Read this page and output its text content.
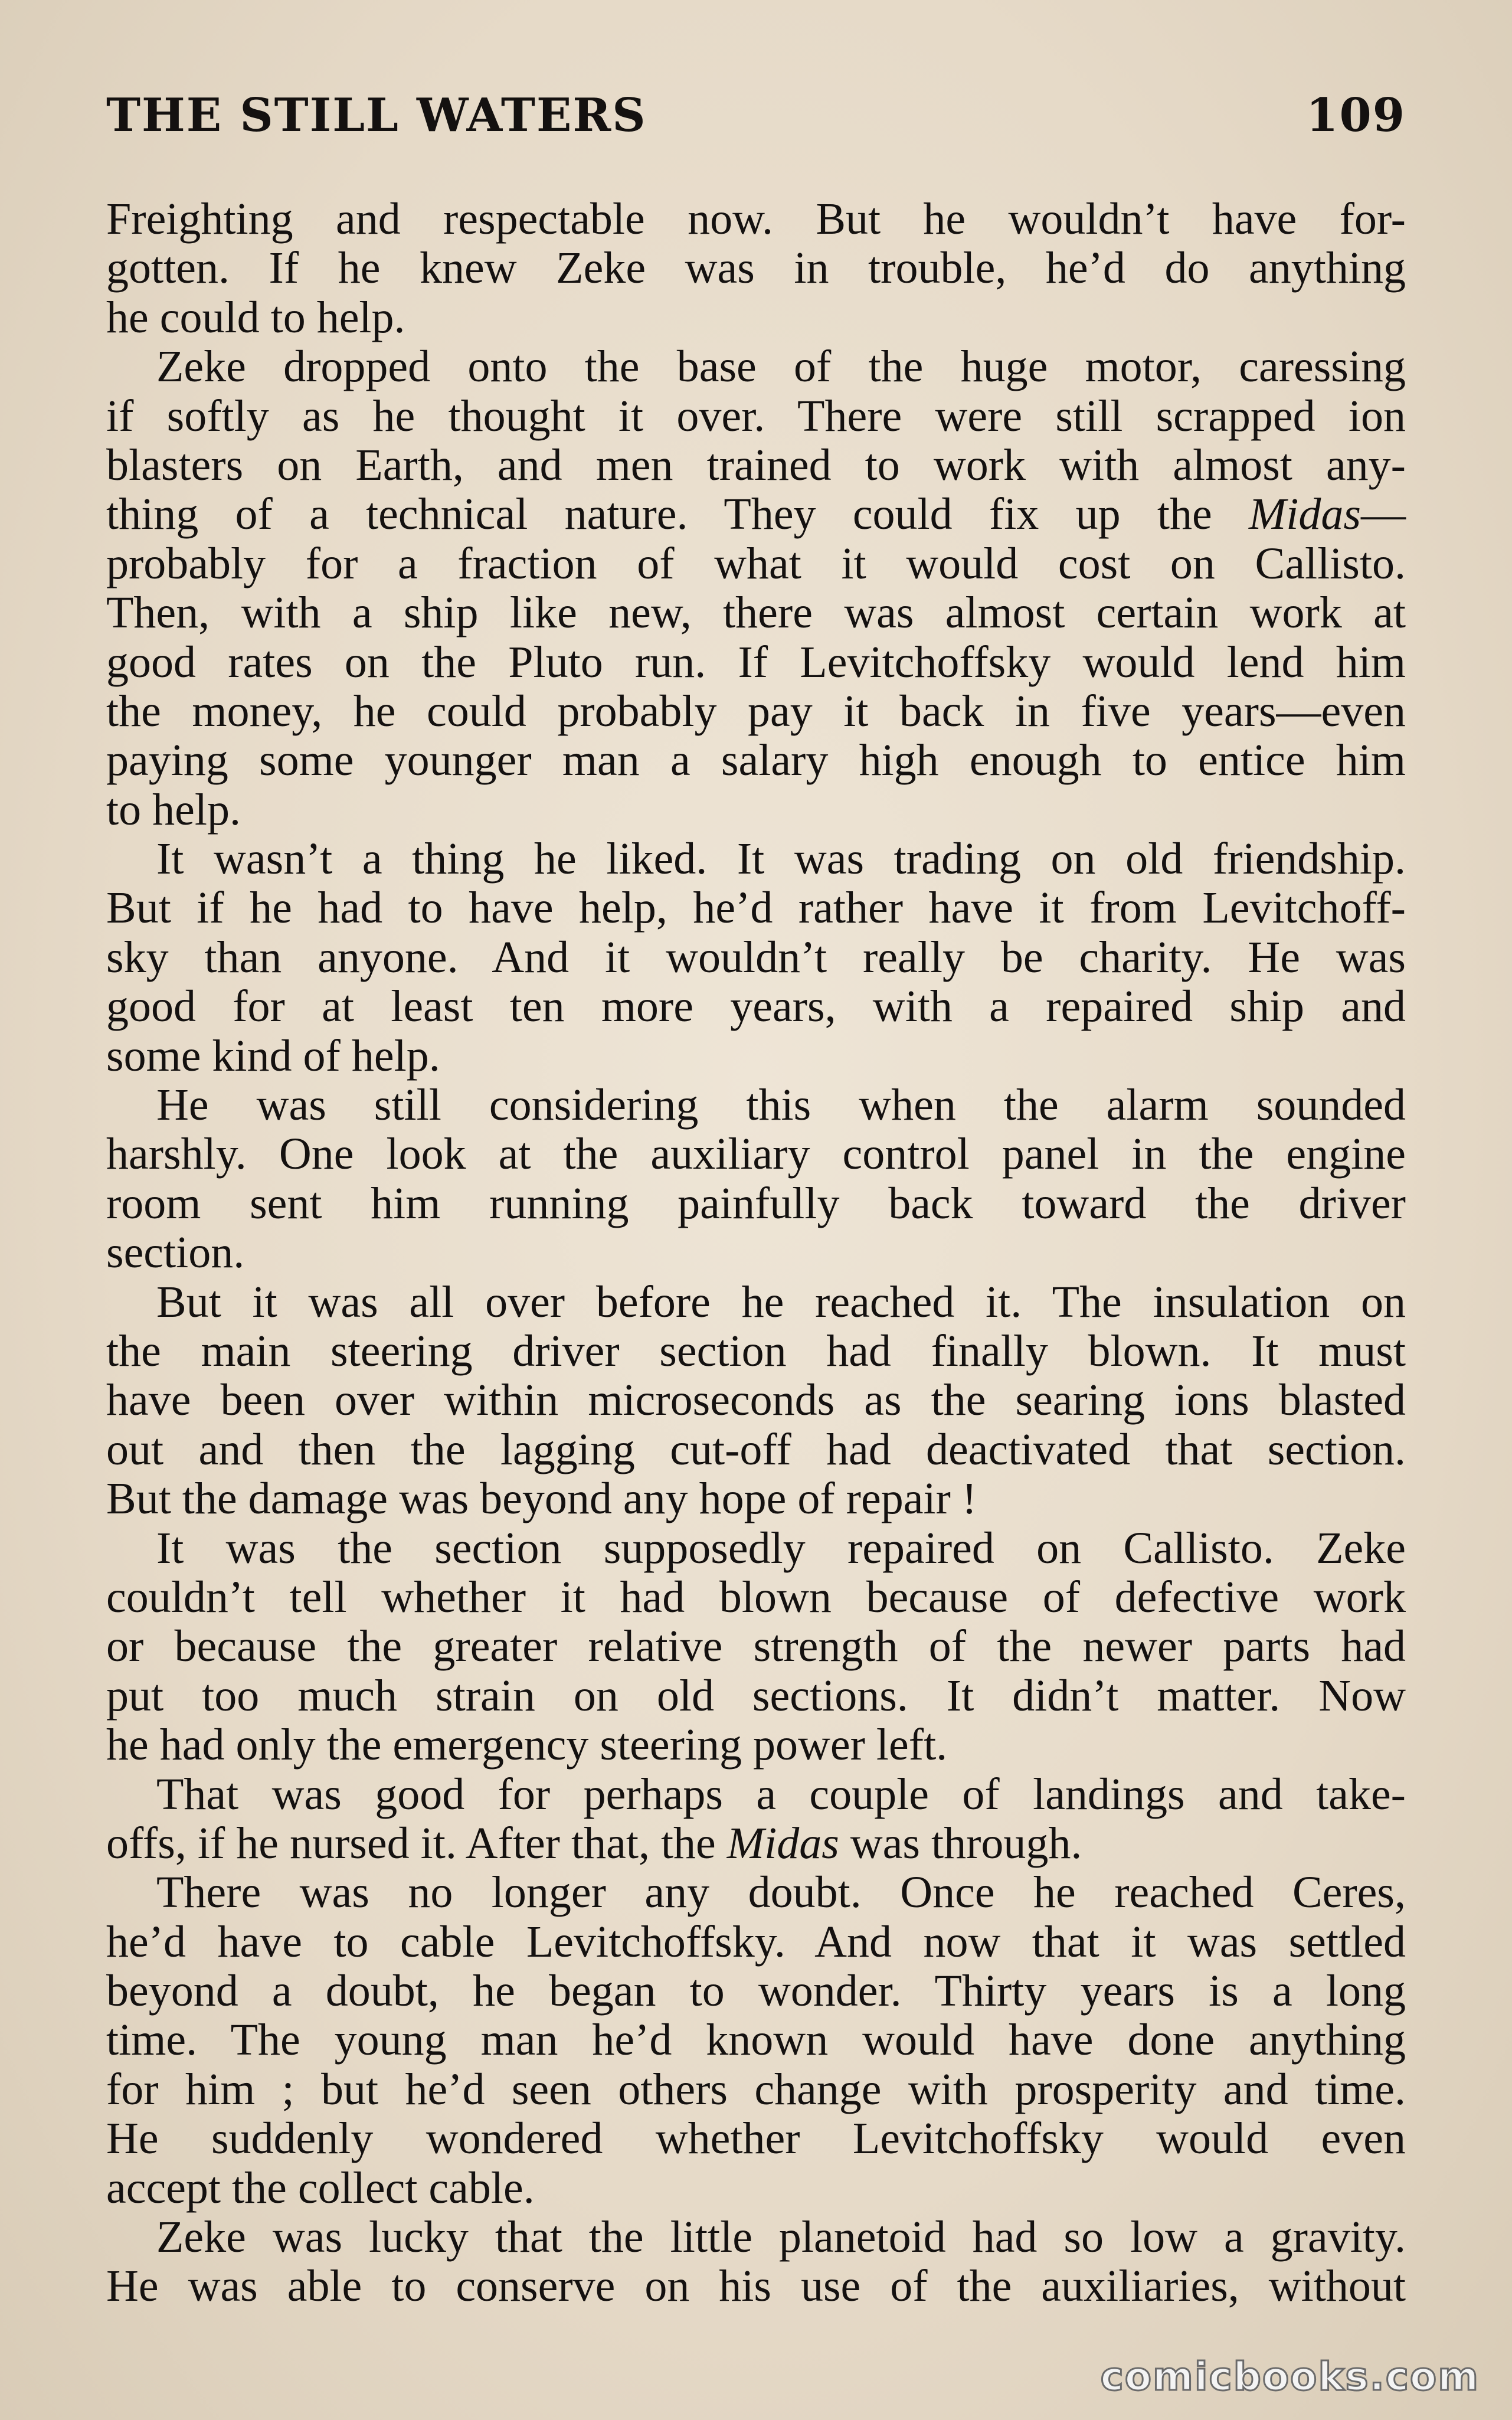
THE STILL WATERS	109
Freighting and respectable now. But he wouldn’t have for-
gotten. If he knew Zeke was in trouble, he’d do anything
he could to help.
Zeke dropped onto the base of the huge motor, caressing
if softly as he thought it over. There were still scrapped ion
blasters on Earth, and men trained to work with almost any-
thing of a technical nature. They could fix up the Midas—
probably for a fraction of what it would cost on Callisto.
Then, with a ship like new, there was almost certain work at
good rates on the Pluto run. If Levitchoffsky would lend him
the money, he could probably pay it back in five years—even
paying some younger man a salary high enough to entice him
to help.
It wasn’t a thing he liked. It was trading on old friendship.
But if he had to have help, he’d rather have it from Levitchoff-
sky than anyone. And it wouldn’t really be charity. He was
good for at least ten more years, with a repaired ship and
some kind of help.
He was still considering this when the alarm sounded
harshly. One look at the auxiliary control panel in the engine
room sent him running painfully back toward the driver
section.
But it was all over before he reached it. The insulation on
the main steering driver section had finally blown. It must
have been over within microseconds as the searing ions blasted
out and then the lagging cut-off had deactivated that section.
But the damage was beyond any hope of repair !
It was the section supposedly repaired on Callisto. Zeke
couldn’t tell whether it had blown because of defective work
or because the greater relative strength of the newer parts had
put too much strain on old sections. It didn’t matter. Now
he had only the emergency steering power left.
That was good for perhaps a couple of landings and take-
offs, if he nursed it. After that, the Midas was through.
There was no longer any doubt. Once he reached Ceres,
he’d have to cable Levitchoffsky. And now that it was settled
beyond a doubt, he began to wonder. Thirty years is a long
time. The young man he’d known would have done anything
for him ; but he’d seen others change with prosperity and time.
He suddenly wondered whether Levitchoffsky would even
accept the collect cable.
Zeke was lucky that the little planetoid had so low a gravity.
He was able to conserve on his use of the auxiliaries, without
comicbooks.com
